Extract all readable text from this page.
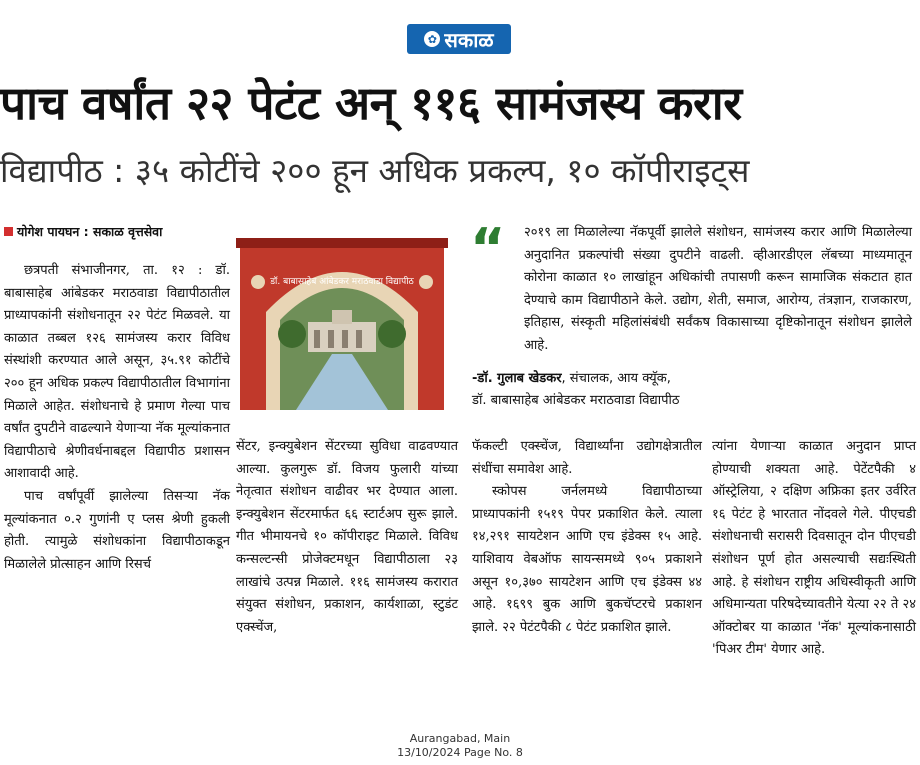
✿ सकाळ
पाच वर्षांत २२ पेटंट अन् ११६ सामंजस्य करार
विद्यापीठ : ३५ कोटींचे २०० हून अधिक प्रकल्प, १० कॉपीराइट्‌स
योगेश पायघन : सकाळ वृत्तसेवा

छत्रपती संभाजीनगर, ता. १२ : डॉ. बाबासाहेब आंबेडकर मराठवाडा विद्यापीठातील प्राध्यापकांनी संशोधनातून २२ पेटंट मिळवले. या काळात तब्बल १२६ सामंजस्य करार विविध संस्थांशी करण्यात आले असून, ३५.९१ कोटींचे २०० हून अधिक प्रकल्प विद्यापीठातील विभागांना मिळाले आहेत. संशोधनाचे हे प्रमाण गेल्या पाच वर्षांत दुपटीने वाढल्याने येणाऱ्या नॅक मूल्यांकनात विद्यापीठाचे श्रेणीवर्धनाबद्दल विद्यापीठ प्रशासन आशावादी आहे.

पाच वर्षांपूर्वी झालेल्या तिसऱ्या नॅक मूल्यांकनात ०.२ गुणांनी ए प्लस श्रेणी हुकली होती. त्यामुळे संशोधकांना विद्यापीठाकडून मिळालेले प्रोत्साहन आणि रिसर्च

डॉ. बाबासाहेब आंबेडकर मराठवाडा विद्यापीठ
“	२०१९ ला मिळालेल्या नॅकपूर्वी झालेले संशोधन, सामंजस्य करार आणि मिळालेल्या अनुदानित प्रकल्पांची संख्या दुपटीने वाढली. व्हीआरडीएल लॅबच्या माध्यमातून कोरोना काळात १० लाखांहून अधिकांची तपासणी करून सामाजिक संकटात हात देण्याचे काम विद्यापीठाने केले. उद्योग, शेती, समाज, आरोग्य, तंत्रज्ञान, राजकारण, इतिहास, संस्कृती महिलांसंबंधी सर्वंकष विकासाच्या दृष्टिकोनातून संशोधन झालेले आहे.
-डॉ. गुलाब खेडकर, संचालक, आय क्यूॅक,
डॉ. बाबासाहेब आंबेडकर मराठवाडा विद्यापीठ

सेंटर, इन्क्युबेशन सेंटरच्या सुविधा वाढवण्यात आल्या. कुलगुरू डॉ. विजय फुलारी यांच्या नेतृत्वात संशोधन वाढीवर भर देण्यात आला. इन्क्युबेशन सेंटरमार्फत ६६ स्टार्टअप सुरू झाले. गीत भीमायनचे १० कॉपीराइट मिळाले. विविध कन्सल्टन्सी प्रोजेक्टमधून विद्यापीठाला २३ लाखांचे उत्पन्न मिळाले. ११६ सामंजस्य करारात संयुक्त संशोधन, प्रकाशन, कार्यशाळा, स्टुडंट एक्स्चेंज,

फॅकल्टी एक्स्चेंज, विद्यार्थ्यांना उद्योगक्षेत्रातील संधींचा समावेश आहे.

स्कोपस जर्नलमध्ये विद्यापीठाच्या प्राध्यापकांनी १५१९ पेपर प्रकाशित केले. त्याला १४,२९१ सायटेशन आणि एच इंडेक्स १५ आहे. याशिवाय वेबऑफ सायन्समध्ये ९०५ प्रकाशने असून १०,३७० सायटेशन आणि एच इंडेक्स ४४ आहे. १६९९ बुक आणि बुकचॅप्टरचे प्रकाशन झाले. २२ पेटंटपैकी ८ पेटंट प्रकाशित झाले.

त्यांना येणाऱ्या काळात अनुदान प्राप्त होण्याची शक्यता आहे. पेटेंटपैकी ४ ऑस्ट्रेलिया, २ दक्षिण अफ्रिका इतर उर्वरित १६ पेटंट हे भारतात नोंदवले गेले. पीएचडी संशोधनाची सरासरी दिवसातून दोन पीएचडी संशोधन पूर्ण होत असल्याची सद्यःस्थिती आहे. हे संशोधन राष्ट्रीय अधिस्वीकृती आणि अधिमान्यता परिषदेच्यावतीने येत्या २२ ते २४ ऑक्टोबर या काळात 'नॅक' मूल्यांकनासाठी 'पिअर टीम' येणार आहे.

Aurangabad, Main
13/10/2024 Page No. 8
